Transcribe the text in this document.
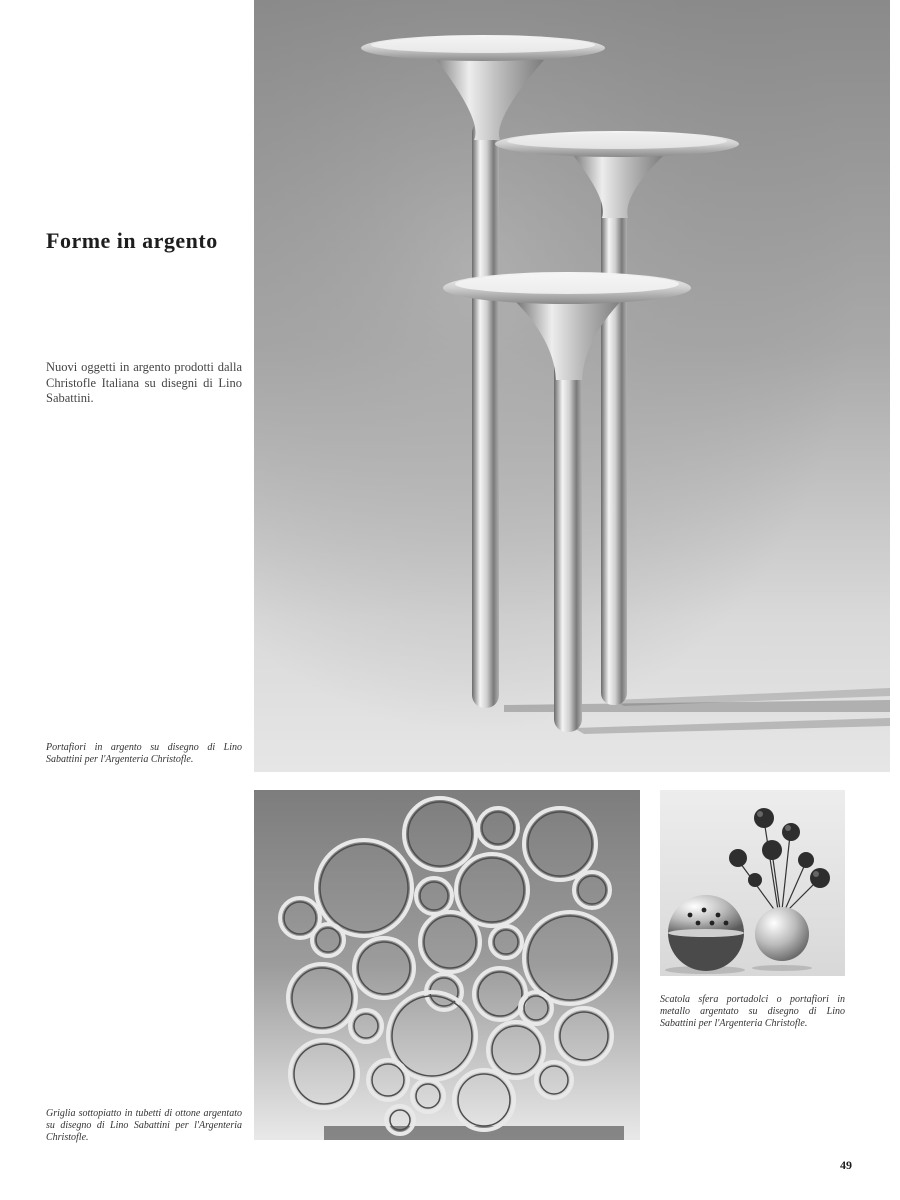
Forme in argento

Nuovi oggetti in argento prodotti dalla Christofle Italiana su disegni di Lino Sabattini.

Portafiori in argento su disegno di Lino Sabattini per l'Argenteria Christofle.

Griglia sottopiatto in tubetti di ottone argentato su disegno di Lino Sabattini per l'Argenteria Christofle.

Scatola sfera portadolci o portafiori in metallo argentato su disegno di Lino Sabattini per l'Argenteria Christofle.

49
